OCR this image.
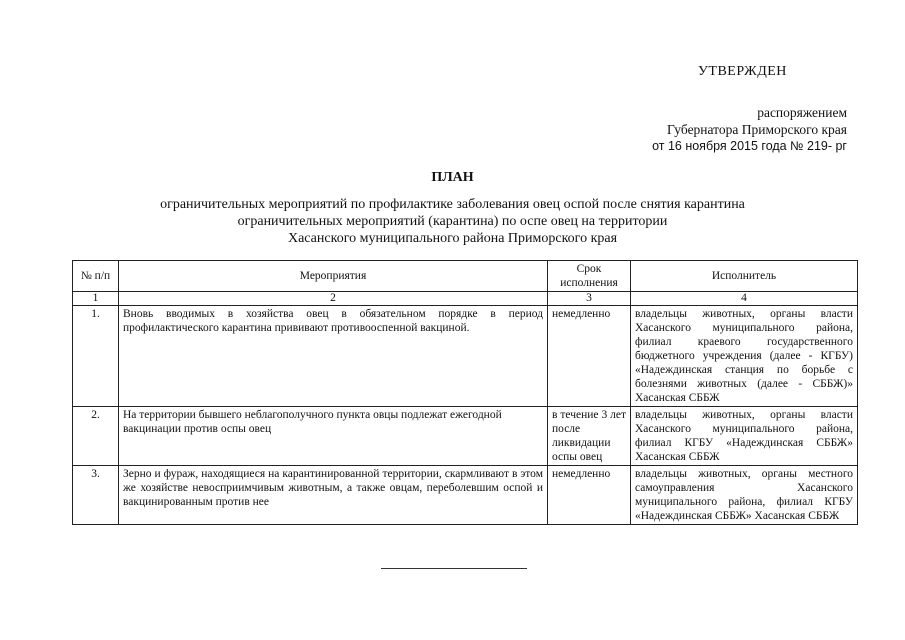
УТВЕРЖДЕН
распоряжением
Губернатора Приморского края
от 16 ноября 2015 года № 219- рг
ПЛАН
ограничительных мероприятий по профилактике заболевания овец оспой после снятия карантина
ограничительных мероприятий (карантина) по оспе овец на территории
Хасанского муниципального района Приморского края
№ п/п	Мероприятия	Срок исполнения	Исполнитель
1	2	3	4
1.	Вновь вводимых в хозяйства овец в обязательном порядке в период профилактического карантина прививают противооспенной вакциной.	немедленно	владельцы животных, органы власти Хасанского муниципального района, филиал краевого государственного бюджетного учреждения (далее - КГБУ) «Надеждинская станция по борьбе с болезнями животных (далее - СББЖ)» Хасанская СББЖ
2.	На территории бывшего неблагополучного пункта овцы подлежат ежегодной вакцинации против оспы овец	в течение 3 лет после ликвидации оспы овец	владельцы животных, органы власти Хасанского муниципального района, филиал КГБУ «Надеждинская СББЖ» Хасанская СББЖ
3.	Зерно и фураж, находящиеся на карантинированной территории, скармливают в этом же хозяйстве невосприимчивым животным, а также овцам, переболевшим оспой и вакцинированным против нее	немедленно	владельцы животных, органы местного самоуправления Хасанского муниципального района, филиал КГБУ «Надеждинская СББЖ» Хасанская СББЖ
